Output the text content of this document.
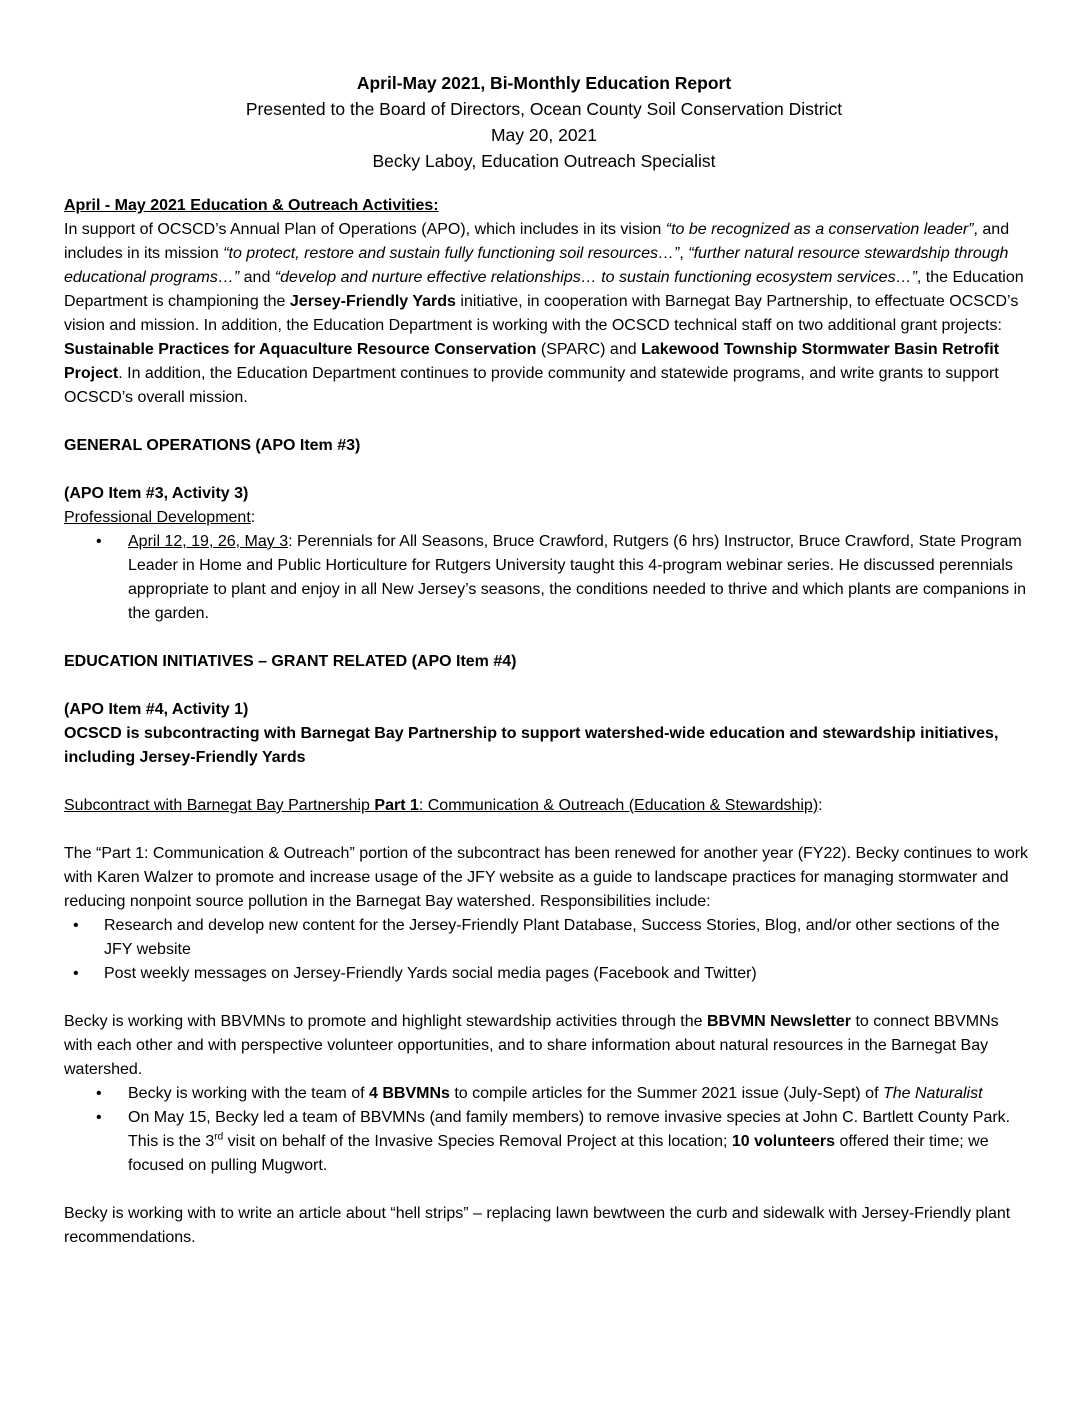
April-May 2021, Bi-Monthly Education Report
Presented to the Board of Directors, Ocean County Soil Conservation District
May 20, 2021
Becky Laboy, Education Outreach Specialist

April - May 2021 Education & Outreach Activities:

In support of OCSCD’s Annual Plan of Operations (APO), which includes in its vision “to be recognized as a conservation leader”, and includes in its mission “to protect, restore and sustain fully functioning soil resources…”, “further natural resource stewardship through educational programs…” and “develop and nurture effective relationships… to sustain functioning ecosystem services…”, the Education Department is championing the Jersey-Friendly Yards initiative, in cooperation with Barnegat Bay Partnership, to effectuate OCSCD’s vision and mission. In addition, the Education Department is working with the OCSCD technical staff on two additional grant projects: Sustainable Practices for Aquaculture Resource Conservation (SPARC) and Lakewood Township Stormwater Basin Retrofit Project. In addition, the Education Department continues to provide community and statewide programs, and write grants to support OCSCD’s overall mission.

GENERAL OPERATIONS (APO Item #3)

(APO Item #3, Activity 3)

Professional Development:

• April 12, 19, 26, May 3: Perennials for All Seasons, Bruce Crawford, Rutgers (6 hrs) Instructor, Bruce Crawford, State Program Leader in Home and Public Horticulture for Rutgers University taught this 4-program webinar series. He discussed perennials appropriate to plant and enjoy in all New Jersey’s seasons, the conditions needed to thrive and which plants are companions in the garden.

EDUCATION INITIATIVES – GRANT RELATED (APO Item #4)

(APO Item #4, Activity 1)

OCSCD is subcontracting with Barnegat Bay Partnership to support watershed-wide education and stewardship initiatives, including Jersey-Friendly Yards

Subcontract with Barnegat Bay Partnership Part 1: Communication & Outreach (Education & Stewardship):

The “Part 1: Communication & Outreach” portion of the subcontract has been renewed for another year (FY22). Becky continues to work with Karen Walzer to promote and increase usage of the JFY website as a guide to landscape practices for managing stormwater and reducing nonpoint source pollution in the Barnegat Bay watershed. Responsibilities include:

• Research and develop new content for the Jersey-Friendly Plant Database, Success Stories, Blog, and/or other sections of the JFY website
• Post weekly messages on Jersey-Friendly Yards social media pages (Facebook and Twitter)

Becky is working with BBVMNs to promote and highlight stewardship activities through the BBVMN Newsletter to connect BBVMNs with each other and with perspective volunteer opportunities, and to share information about natural resources in the Barnegat Bay watershed.

• Becky is working with the team of 4 BBVMNs to compile articles for the Summer 2021 issue (July-Sept) of The Naturalist
• On May 15, Becky led a team of BBVMNs (and family members) to remove invasive species at John C. Bartlett County Park. This is the 3rd visit on behalf of the Invasive Species Removal Project at this location; 10 volunteers offered their time; we focused on pulling Mugwort.

Becky is working with to write an article about “hell strips” – replacing lawn bewtween the curb and sidewalk with Jersey-Friendly plant recommendations.
